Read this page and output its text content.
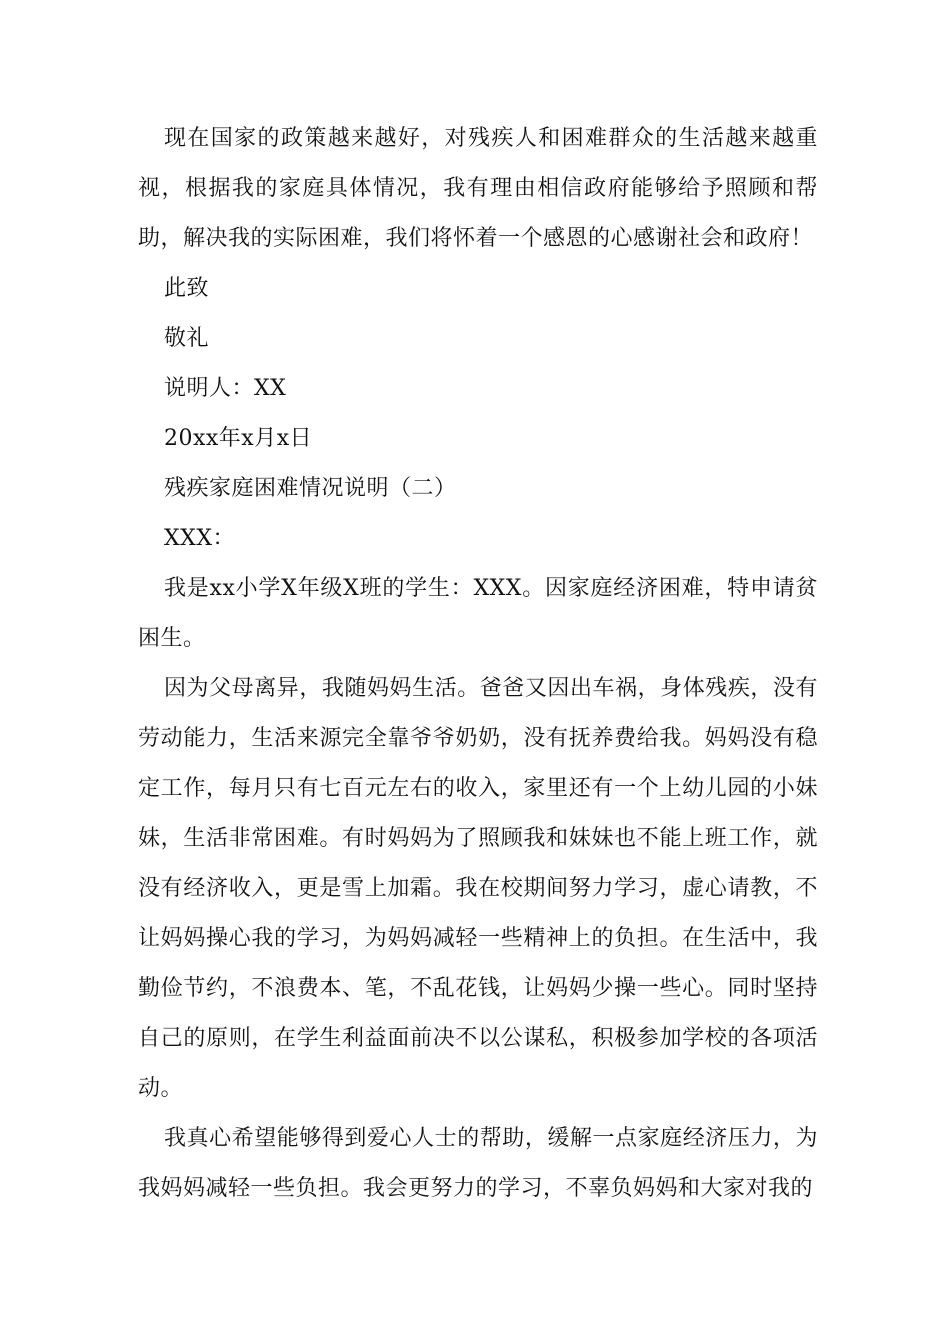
现在国家的政策越来越好，对残疾人和困难群众的生活越来越重视，根据我的家庭具体情况，我有理由相信政府能够给予照顾和帮助，解决我的实际困难，我们将怀着一个感恩的心感谢社会和政府！

此致

敬礼

说明人：XX

20xx年x月x日

残疾家庭困难情况说明（二）

XXX：

我是xx小学X年级X班的学生：XXX。因家庭经济困难，特申请贫困生。

因为父母离异，我随妈妈生活。爸爸又因出车祸，身体残疾，没有劳动能力，生活来源完全靠爷爷奶奶，没有抚养费给我。妈妈没有稳定工作，每月只有七百元左右的收入，家里还有一个上幼儿园的小妹妹，生活非常困难。有时妈妈为了照顾我和妹妹也不能上班工作，就没有经济收入，更是雪上加霜。我在校期间努力学习，虚心请教，不让妈妈操心我的学习，为妈妈减轻一些精神上的负担。在生活中，我勤俭节约，不浪费本、笔，不乱花钱，让妈妈少操一些心。同时坚持自己的原则，在学生利益面前决不以公谋私，积极参加学校的各项活动。

我真心希望能够得到爱心人士的帮助，缓解一点家庭经济压力，为我妈妈减轻一些负担。我会更努力的学习，不辜负妈妈和大家对我的
